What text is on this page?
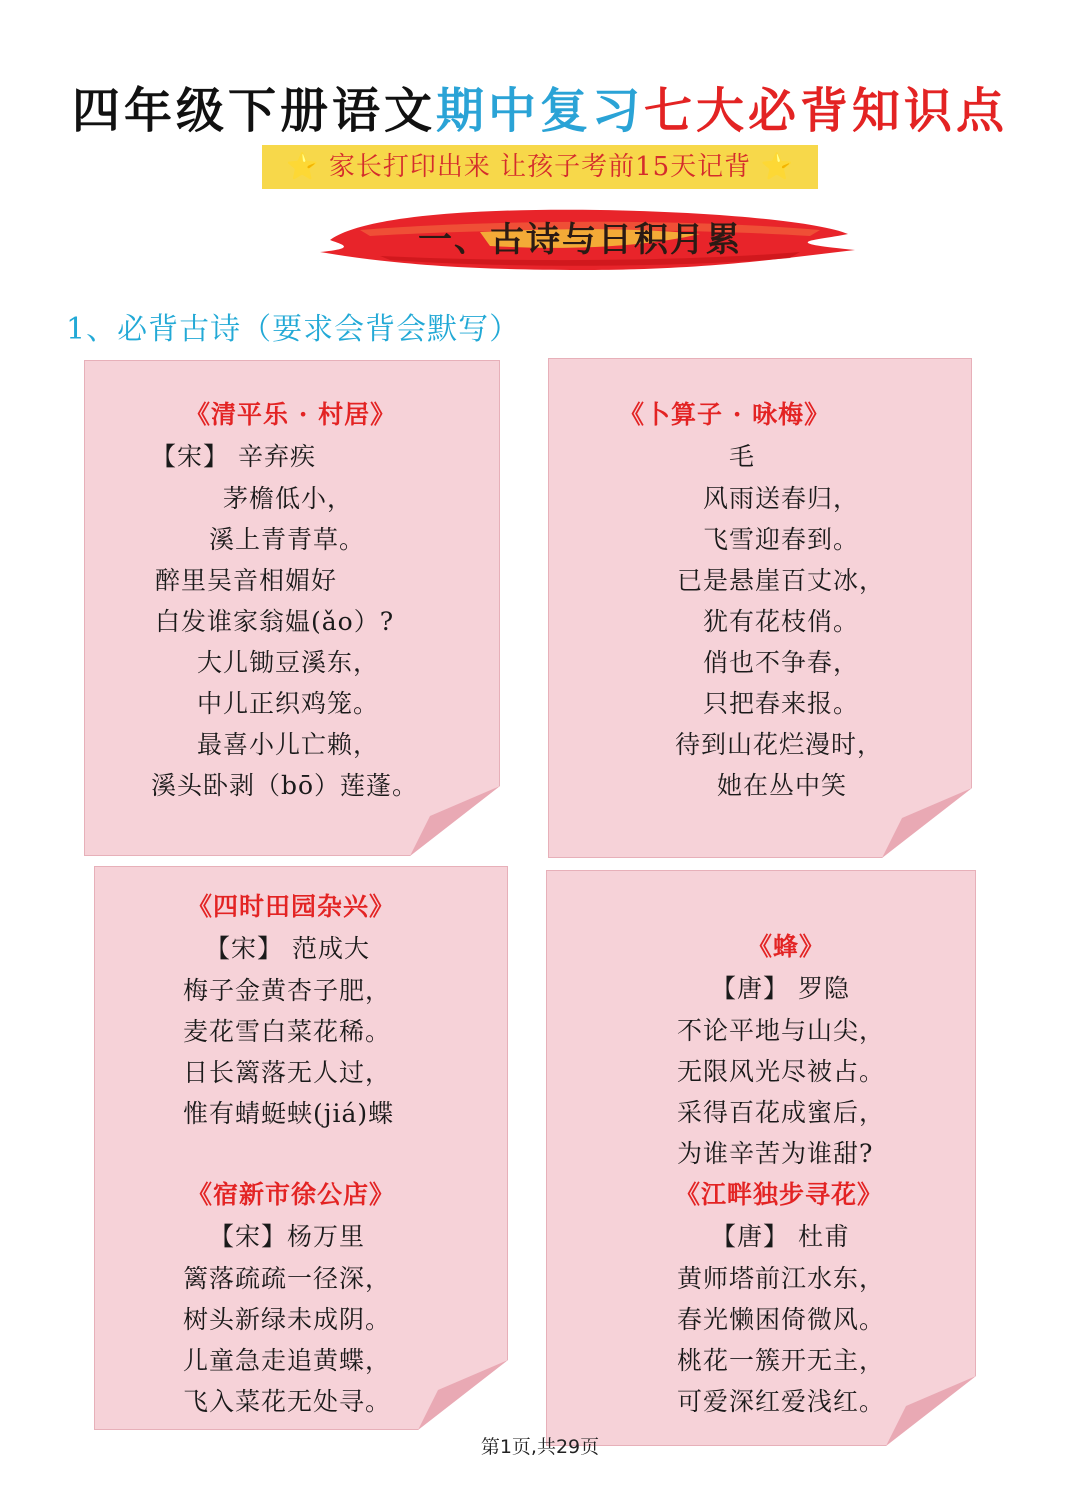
四年级下册语文期中复习七大必背知识点
⭐ 家长打印出来 让孩子考前15天记背 ⭐
一、古诗与日积月累
1、必背古诗（要求会背会默写）
《清平乐 · 村居》
【宋】 辛弃疾
茅檐低小，
溪上青青草。
醉里吴音相媚好
白发谁家翁媪(ǎo）?
大儿锄豆溪东，
中儿正织鸡笼。
最喜小儿亡赖，
溪头卧剥（bō）莲蓬。
《卜算子 · 咏梅》
毛
风雨送春归，
飞雪迎春到。
已是悬崖百丈冰，
犹有花枝俏。
俏也不争春，
只把春来报。
待到山花烂漫时，
她在丛中笑
《四时田园杂兴》
【宋】 范成大
梅子金黄杏子肥，
麦花雪白菜花稀。
日长篱落无人过，
惟有蜻蜓蛱(jiá)蝶
《宿新市徐公店》
【宋】杨万里
篱落疏疏一径深，
树头新绿未成阴。
儿童急走追黄蝶，
飞入菜花无处寻。
《蜂》
【唐】 罗隐
不论平地与山尖，
无限风光尽被占。
采得百花成蜜后，
为谁辛苦为谁甜?
《江畔独步寻花》
【唐】 杜甫
黄师塔前江水东，
春光懒困倚微风。
桃花一簇开无主，
可爱深红爱浅红。
第1页,共29页
